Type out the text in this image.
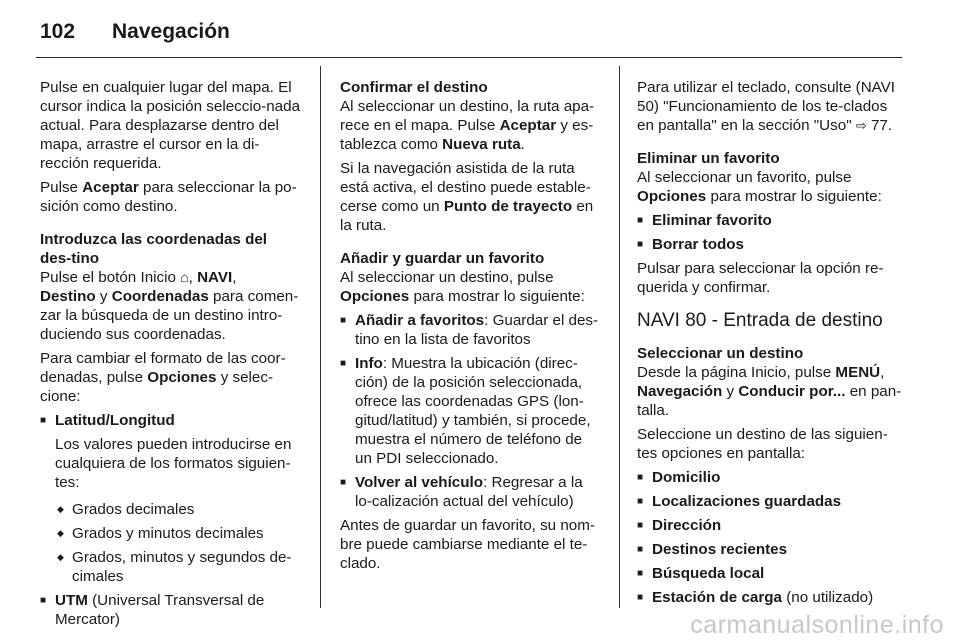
102	Navegación

Pulse en cualquier lugar del mapa. El cursor indica la posición seleccio-nada actual. Para desplazarse dentro del mapa, arrastre el cursor en la di-rección requerida.

Pulse Aceptar para seleccionar la po-sición como destino.

Introduzca las coordenadas del des-tino

Pulse el botón Inicio ⌂, NAVI,
Destino y Coordenadas para comen-zar la búsqueda de un destino intro-duciendo sus coordenadas.

Para cambiar el formato de las coor-denadas, pulse Opciones y selec-cione:

■ Latitud/Longitud
Los valores pueden introducirse en cualquiera de los formatos siguien-tes:
◆ Grados decimales
◆ Grados y minutos decimales
◆ Grados, minutos y segundos de-cimales
■ UTM (Universal Transversal de Mercator)

Confirmar el destino

Al seleccionar un destino, la ruta apa-rece en el mapa. Pulse Aceptar y es-tablezca como Nueva ruta.

Si la navegación asistida de la ruta está activa, el destino puede estable-cerse como un Punto de trayecto en la ruta.

Añadir y guardar un favorito

Al seleccionar un destino, pulse Opciones para mostrar lo siguiente:

■ Añadir a favoritos: Guardar el des-tino en la lista de favoritos
■ Info: Muestra la ubicación (direc-ción) de la posición seleccionada, ofrece las coordenadas GPS (lon-gitud/latitud) y también, si procede, muestra el número de teléfono de un PDI seleccionado.
■ Volver al vehículo: Regresar a la lo-calización actual del vehículo)

Antes de guardar un favorito, su nom-bre puede cambiarse mediante el te-clado.

Para utilizar el teclado, consulte (NAVI 50) "Funcionamiento de los te-clados en pantalla" en la sección "Uso" ⇨ 77.

Eliminar un favorito

Al seleccionar un favorito, pulse
Opciones para mostrar lo siguiente:

■ Eliminar favorito
■ Borrar todos

Pulsar para seleccionar la opción re-querida y confirmar.

NAVI 80 - Entrada de destino

Seleccionar un destino

Desde la página Inicio, pulse MENÚ,
Navegación y Conducir por... en pan-talla.

Seleccione un destino de las siguien-tes opciones en pantalla:

■ Domicilio
■ Localizaciones guardadas
■ Dirección
■ Destinos recientes
■ Búsqueda local
■ Estación de carga (no utilizado)
carmanualsonline.info
